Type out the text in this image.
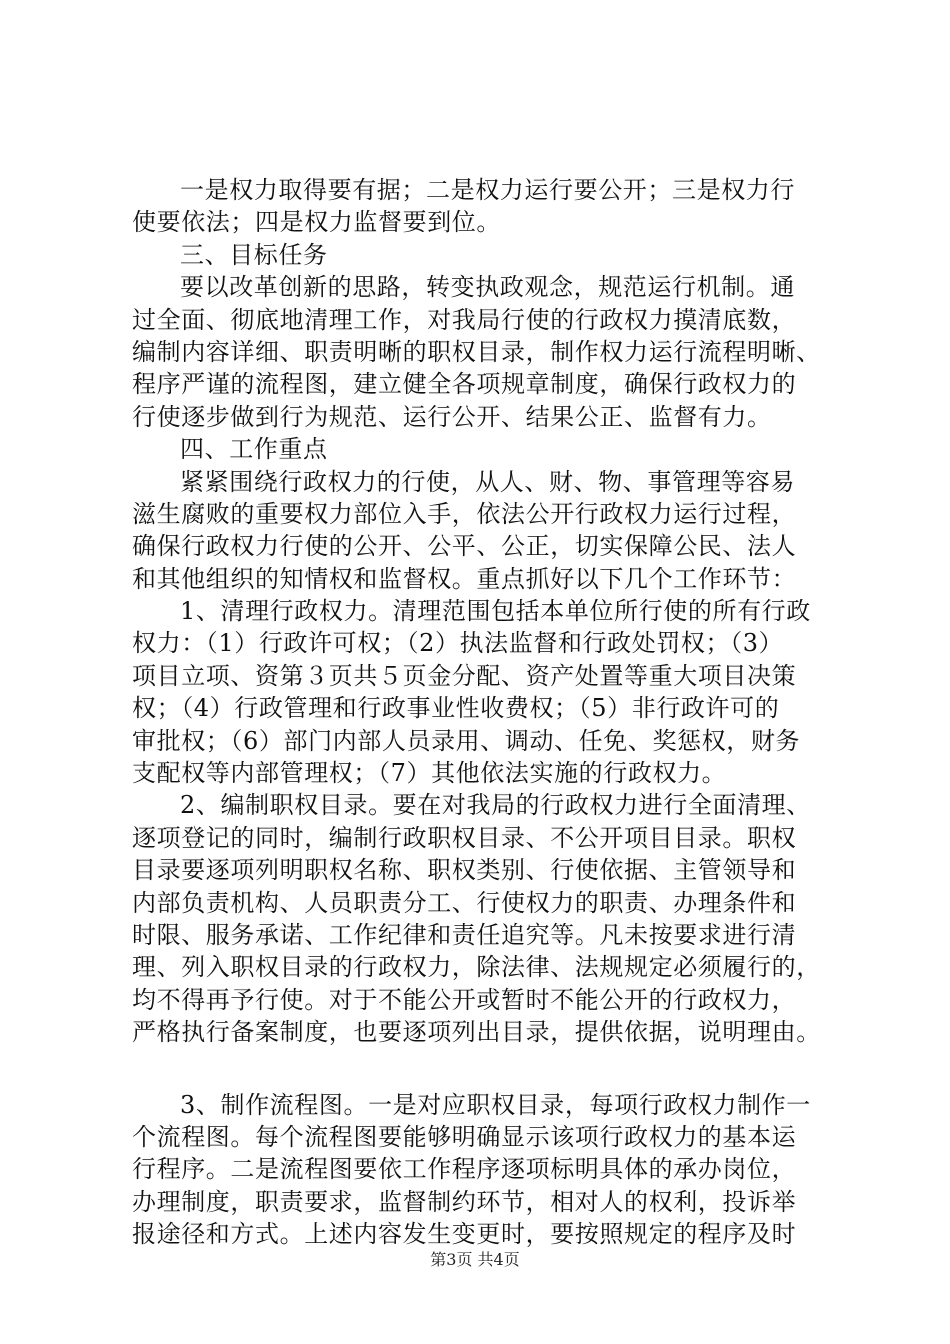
一是权力取得要有据；二是权力运行要公开；三是权力行
使要依法；四是权力监督要到位。
三、目标任务
要以改革创新的思路，转变执政观念，规范运行机制。通
过全面、彻底地清理工作，对我局行使的行政权力摸清底数，
编制内容详细、职责明晰的职权目录，制作权力运行流程明晰、
程序严谨的流程图，建立健全各项规章制度，确保行政权力的
行使逐步做到行为规范、运行公开、结果公正、监督有力。
四、工作重点
紧紧围绕行政权力的行使，从人、财、物、事管理等容易
滋生腐败的重要权力部位入手，依法公开行政权力运行过程，
确保行政权力行使的公开、公平、公正，切实保障公民、法人
和其他组织的知情权和监督权。重点抓好以下几个工作环节：
1、清理行政权力。清理范围包括本单位所行使的所有行政
权力：（1）行政许可权；（2）执法监督和行政处罚权；（3）
项目立项、资第３页共５页金分配、资产处置等重大项目决策
权；（4）行政管理和行政事业性收费权；（5）非行政许可的
审批权；（6）部门内部人员录用、调动、任免、奖惩权，财务
支配权等内部管理权；（7）其他依法实施的行政权力。
2、编制职权目录。要在对我局的行政权力进行全面清理、
逐项登记的同时，编制行政职权目录、不公开项目目录。职权
目录要逐项列明职权名称、职权类别、行使依据、主管领导和
内部负责机构、人员职责分工、行使权力的职责、办理条件和
时限、服务承诺、工作纪律和责任追究等。凡未按要求进行清
理、列入职权目录的行政权力，除法律、法规规定必须履行的，
均不得再予行使。对于不能公开或暂时不能公开的行政权力，
严格执行备案制度，也要逐项列出目录，提供依据，说明理由。
3、制作流程图。一是对应职权目录，每项行政权力制作一
个流程图。每个流程图要能够明确显示该项行政权力的基本运
行程序。二是流程图要依工作程序逐项标明具体的承办岗位，
办理制度，职责要求，监督制约环节，相对人的权利，投诉举
报途径和方式。上述内容发生变更时，要按照规定的程序及时
第3页 共4页
